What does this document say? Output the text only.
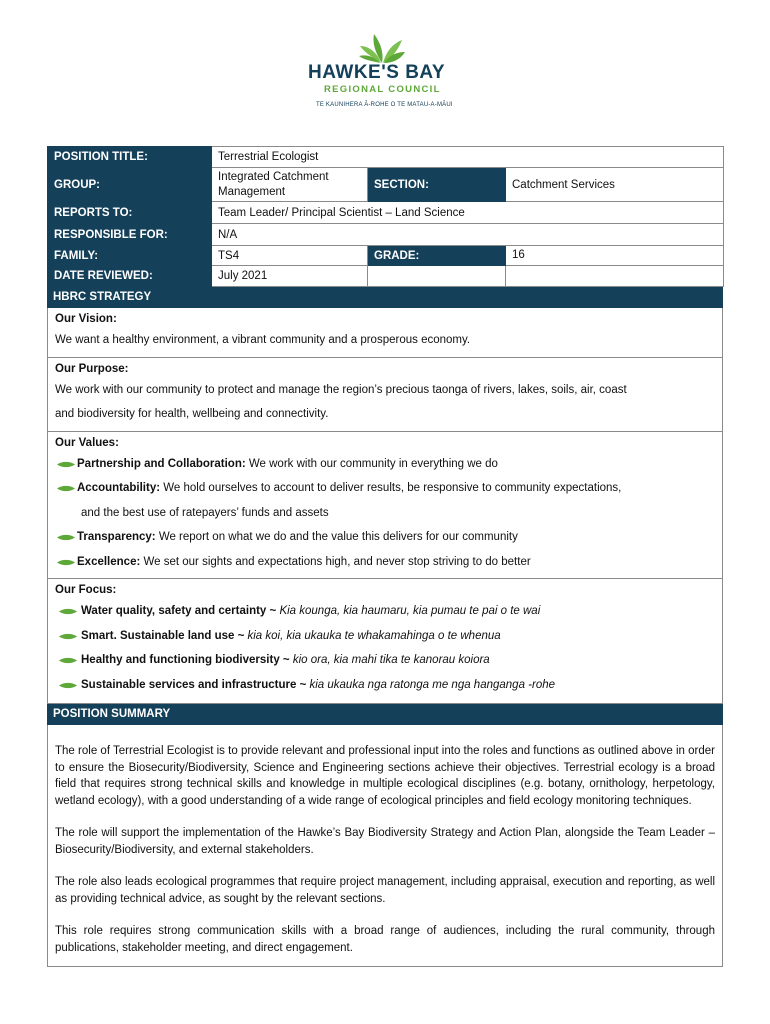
HAWKE'S BAY
REGIONAL COUNCIL
TE KAUNIHERA Ā-ROHE O TE MATAU-A-MĀUI
POSITION TITLE:	Terrestrial Ecologist		
GROUP:	Integrated Catchment Management	SECTION:	Catchment Services
REPORTS TO:	Team Leader/ Principal Scientist – Land Science		
RESPONSIBLE FOR:	N/A		
FAMILY:	TS4	GRADE:	16
DATE REVIEWED:	July 2021		
HBRC STRATEGY
Our Vision:
We want a healthy environment, a vibrant community and a prosperous economy.
Our Purpose:
We work with our community to protect and manage the region’s precious taonga of rivers, lakes, soils, air, coast
and biodiversity for health, wellbeing and connectivity.
Our Values:
Partnership and Collaboration: We work with our community in everything we do
Accountability: We hold ourselves to account to deliver results, be responsive to community expectations,
and the best use of ratepayers’ funds and assets
Transparency: We report on what we do and the value this delivers for our community
Excellence: We set our sights and expectations high, and never stop striving to do better
Our Focus:
Water quality, safety and certainty ~ Kia kounga, kia haumaru, kia pumau te pai o te wai
Smart. Sustainable land use ~ kia koi, kia ukauka te whakamahinga o te whenua
Healthy and functioning biodiversity ~ kio ora, kia mahi tika te kanorau koiora
Sustainable services and infrastructure ~ kia ukauka nga ratonga me nga hanganga -rohe
POSITION SUMMARY

The role of Terrestrial Ecologist is to provide relevant and professional input into the roles and functions as outlined above in order to ensure the Biosecurity/Biodiversity, Science and Engineering sections achieve their objectives. Terrestrial ecology is a broad field that requires strong technical skills and knowledge in multiple ecological disciplines (e.g. botany, ornithology, herpetology, wetland ecology), with a good understanding of a wide range of ecological principles and field ecology monitoring techniques.

The role will support the implementation of the Hawke’s Bay Biodiversity Strategy and Action Plan, alongside the Team Leader – Biosecurity/Biodiversity, and external stakeholders.

The role also leads ecological programmes that require project management, including appraisal, execution and reporting, as well as providing technical advice, as sought by the relevant sections.

This role requires strong communication skills with a broad range of audiences, including the rural community, through publications, stakeholder meeting, and direct engagement.
